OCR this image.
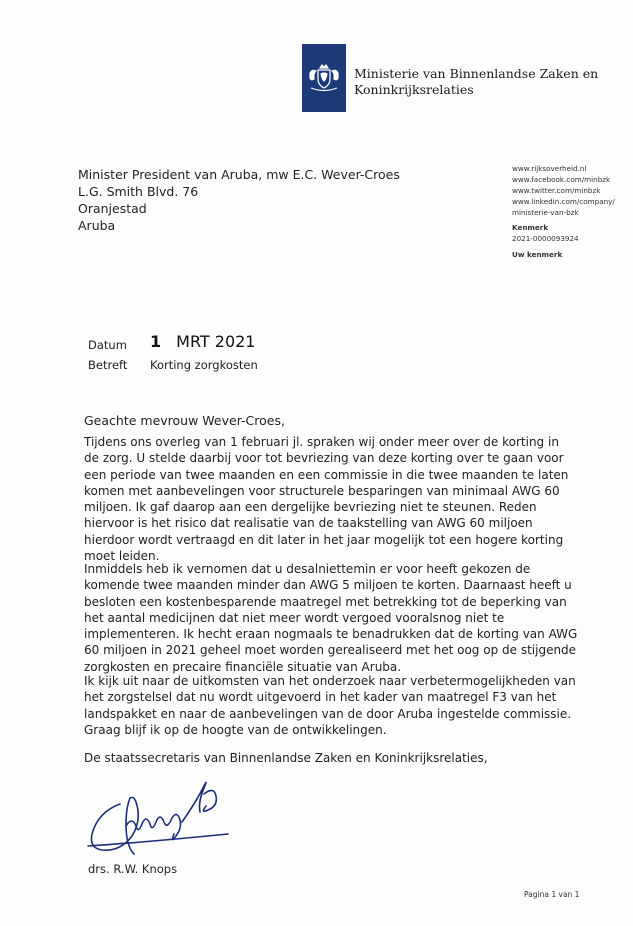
Ministerie van Binnenlandse Zaken en
Koninkrijksrelaties
Minister President van Aruba, mw E.C. Wever-Croes
L.G. Smith Blvd. 76
Oranjestad
Aruba
www.rijksoverheid.nl
www.facebook.com/minbzk
www.twitter.com/minbzk
www.linkedin.com/company/
ministerie-van-bzk
Kenmerk
2021-0000093924
Uw kenmerk
Datum
Betreft Korting zorgkosten
1 MRT 2021
Geachte mevrouw Wever-Croes,
Tijdens ons overleg van 1 februari jl. spraken wij onder meer over de korting in
de zorg. U stelde daarbij voor tot bevriezing van deze korting over te gaan voor
een periode van twee maanden en een commissie in die twee maanden te laten
komen met aanbevelingen voor structurele besparingen van minimaal AWG 60
miljoen. Ik gaf daarop aan een dergelijke bevriezing niet te steunen. Reden
hiervoor is het risico dat realisatie van de taakstelling van AWG 60 miljoen
hierdoor wordt vertraagd en dit later in het jaar mogelijk tot een hogere korting
moet leiden.
Inmiddels heb ik vernomen dat u desalniettemin er voor heeft gekozen de
komende twee maanden minder dan AWG 5 miljoen te korten. Daarnaast heeft u
besloten een kostenbesparende maatregel met betrekking tot de beperking van
het aantal medicijnen dat niet meer wordt vergoed vooralsnog niet te
implementeren. Ik hecht eraan nogmaals te benadrukken dat de korting van AWG
60 miljoen in 2021 geheel moet worden gerealiseerd met het oog op de stijgende
zorgkosten en precaire financiële situatie van Aruba.
Ik kijk uit naar de uitkomsten van het onderzoek naar verbetermogelijkheden van
het zorgstelsel dat nu wordt uitgevoerd in het kader van maatregel F3 van het
landspakket en naar de aanbevelingen van de door Aruba ingestelde commissie.
Graag blijf ik op de hoogte van de ontwikkelingen.
De staatssecretaris van Binnenlandse Zaken en Koninkrijksrelaties,
drs. R.W. Knops
Pagina 1 van 1
